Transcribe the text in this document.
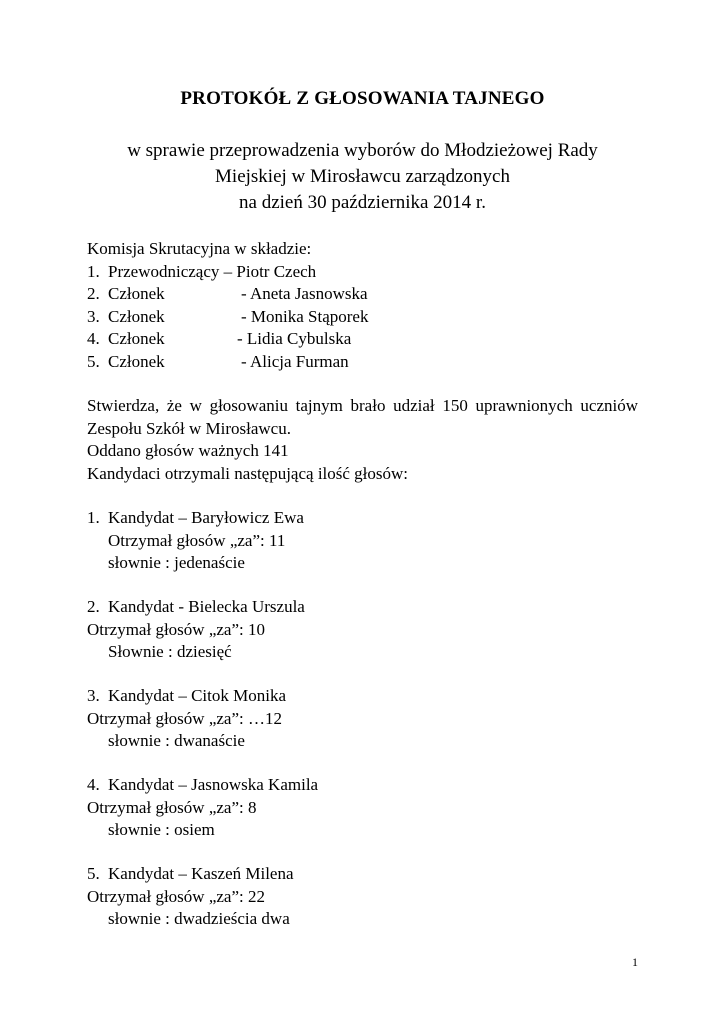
PROTOKÓŁ Z GŁOSOWANIA TAJNEGO
w sprawie przeprowadzenia wyborów do Młodzieżowej Rady
Miejskiej w Mirosławcu zarządzonych
na dzień 30 października 2014 r.
Komisja Skrutacyjna w składzie:
1. Przewodniczący – Piotr Czech
2. Członek	- Aneta Jasnowska
3. Członek	- Monika Stąporek
4. Członek	- Lidia Cybulska
5. Członek	- Alicja Furman
Stwierdza, że w głosowaniu tajnym brało udział 150 uprawnionych uczniów Zespołu Szkół w Mirosławcu.
Oddano głosów ważnych 141
Kandydaci otrzymali następującą ilość głosów:
1. Kandydat – Baryłowicz Ewa
Otrzymał głosów „za”: 11
słownie : jedenaście
2. Kandydat - Bielecka Urszula
Otrzymał głosów „za”: 10
Słownie : dziesięć
3. Kandydat – Citok Monika
Otrzymał głosów „za”: …12
słownie : dwanaście
4. Kandydat – Jasnowska Kamila
Otrzymał głosów „za”: 8
słownie : osiem
5. Kandydat – Kaszeń Milena
Otrzymał głosów „za”: 22
słownie : dwadzieścia dwa
1
